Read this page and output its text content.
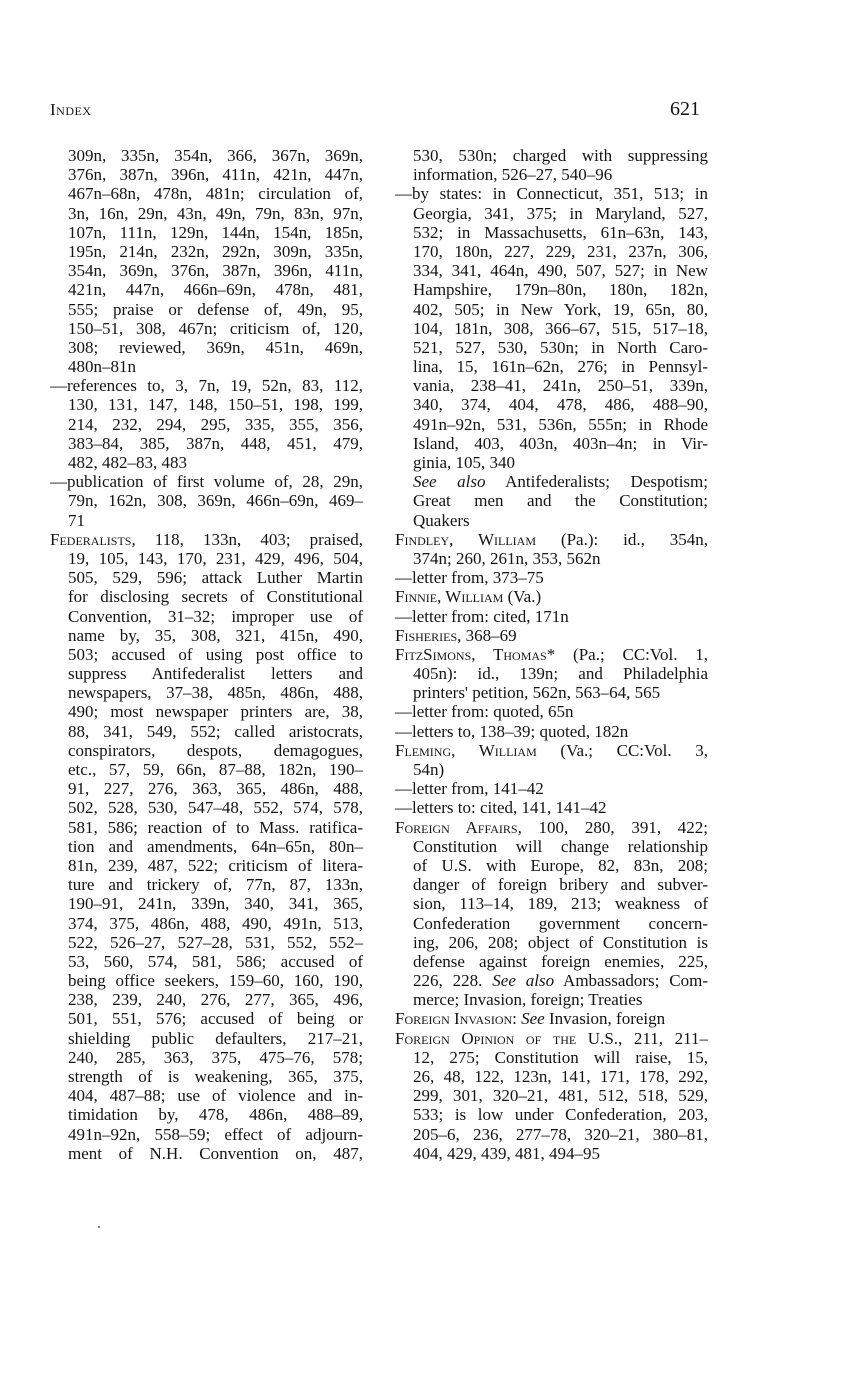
Index	621
309n, 335n, 354n, 366, 367n, 369n,
376n, 387n, 396n, 411n, 421n, 447n,
467n–68n, 478n, 481n; circulation of,
3n, 16n, 29n, 43n, 49n, 79n, 83n, 97n,
107n, 111n, 129n, 144n, 154n, 185n,
195n, 214n, 232n, 292n, 309n, 335n,
354n, 369n, 376n, 387n, 396n, 411n,
421n, 447n, 466n–69n, 478n, 481,
555; praise or defense of, 49n, 95,
150–51, 308, 467n; criticism of, 120,
308; reviewed, 369n, 451n, 469n,
480n–81n
—references to, 3, 7n, 19, 52n, 83, 112,
130, 131, 147, 148, 150–51, 198, 199,
214, 232, 294, 295, 335, 355, 356,
383–84, 385, 387n, 448, 451, 479,
482, 482–83, 483
—publication of first volume of, 28, 29n,
79n, 162n, 308, 369n, 466n–69n, 469–
71
Federalists, 118, 133n, 403; praised,
19, 105, 143, 170, 231, 429, 496, 504,
505, 529, 596; attack Luther Martin
for disclosing secrets of Constitutional
Convention, 31–32; improper use of
name by, 35, 308, 321, 415n, 490,
503; accused of using post office to
suppress Antifederalist letters and
newspapers, 37–38, 485n, 486n, 488,
490; most newspaper printers are, 38,
88, 341, 549, 552; called aristocrats,
conspirators, despots, demagogues,
etc., 57, 59, 66n, 87–88, 182n, 190–
91, 227, 276, 363, 365, 486n, 488,
502, 528, 530, 547–48, 552, 574, 578,
581, 586; reaction of to Mass. ratifica-
tion and amendments, 64n–65n, 80n–
81n, 239, 487, 522; criticism of litera-
ture and trickery of, 77n, 87, 133n,
190–91, 241n, 339n, 340, 341, 365,
374, 375, 486n, 488, 490, 491n, 513,
522, 526–27, 527–28, 531, 552, 552–
53, 560, 574, 581, 586; accused of
being office seekers, 159–60, 160, 190,
238, 239, 240, 276, 277, 365, 496,
501, 551, 576; accused of being or
shielding public defaulters, 217–21,
240, 285, 363, 375, 475–76, 578;
strength of is weakening, 365, 375,
404, 487–88; use of violence and in-
timidation by, 478, 486n, 488–89,
491n–92n, 558–59; effect of adjourn-
ment of N.H. Convention on, 487,
530, 530n; charged with suppressing
information, 526–27, 540–96
—by states: in Connecticut, 351, 513; in
Georgia, 341, 375; in Maryland, 527,
532; in Massachusetts, 61n–63n, 143,
170, 180n, 227, 229, 231, 237n, 306,
334, 341, 464n, 490, 507, 527; in New
Hampshire, 179n–80n, 180n, 182n,
402, 505; in New York, 19, 65n, 80,
104, 181n, 308, 366–67, 515, 517–18,
521, 527, 530, 530n; in North Caro-
lina, 15, 161n–62n, 276; in Pennsyl-
vania, 238–41, 241n, 250–51, 339n,
340, 374, 404, 478, 486, 488–90,
491n–92n, 531, 536n, 555n; in Rhode
Island, 403, 403n, 403n–4n; in Vir-
ginia, 105, 340
See also Antifederalists; Despotism;
Great men and the Constitution;
Quakers
Findley, William (Pa.): id., 354n,
374n; 260, 261n, 353, 562n
—letter from, 373–75
Finnie, William (Va.)
—letter from: cited, 171n
Fisheries, 368–69
FitzSimons, Thomas* (Pa.; CC:Vol. 1,
405n): id., 139n; and Philadelphia
printers' petition, 562n, 563–64, 565
—letter from: quoted, 65n
—letters to, 138–39; quoted, 182n
Fleming, William (Va.; CC:Vol. 3,
54n)
—letter from, 141–42
—letters to: cited, 141, 141–42
Foreign Affairs, 100, 280, 391, 422;
Constitution will change relationship
of U.S. with Europe, 82, 83n, 208;
danger of foreign bribery and subver-
sion, 113–14, 189, 213; weakness of
Confederation government concern-
ing, 206, 208; object of Constitution is
defense against foreign enemies, 225,
226, 228. See also Ambassadors; Com-
merce; Invasion, foreign; Treaties
Foreign Invasion: See Invasion, foreign
Foreign Opinion of the U.S., 211, 211–
12, 275; Constitution will raise, 15,
26, 48, 122, 123n, 141, 171, 178, 292,
299, 301, 320–21, 481, 512, 518, 529,
533; is low under Confederation, 203,
205–6, 236, 277–78, 320–21, 380–81,
404, 429, 439, 481, 494–95
